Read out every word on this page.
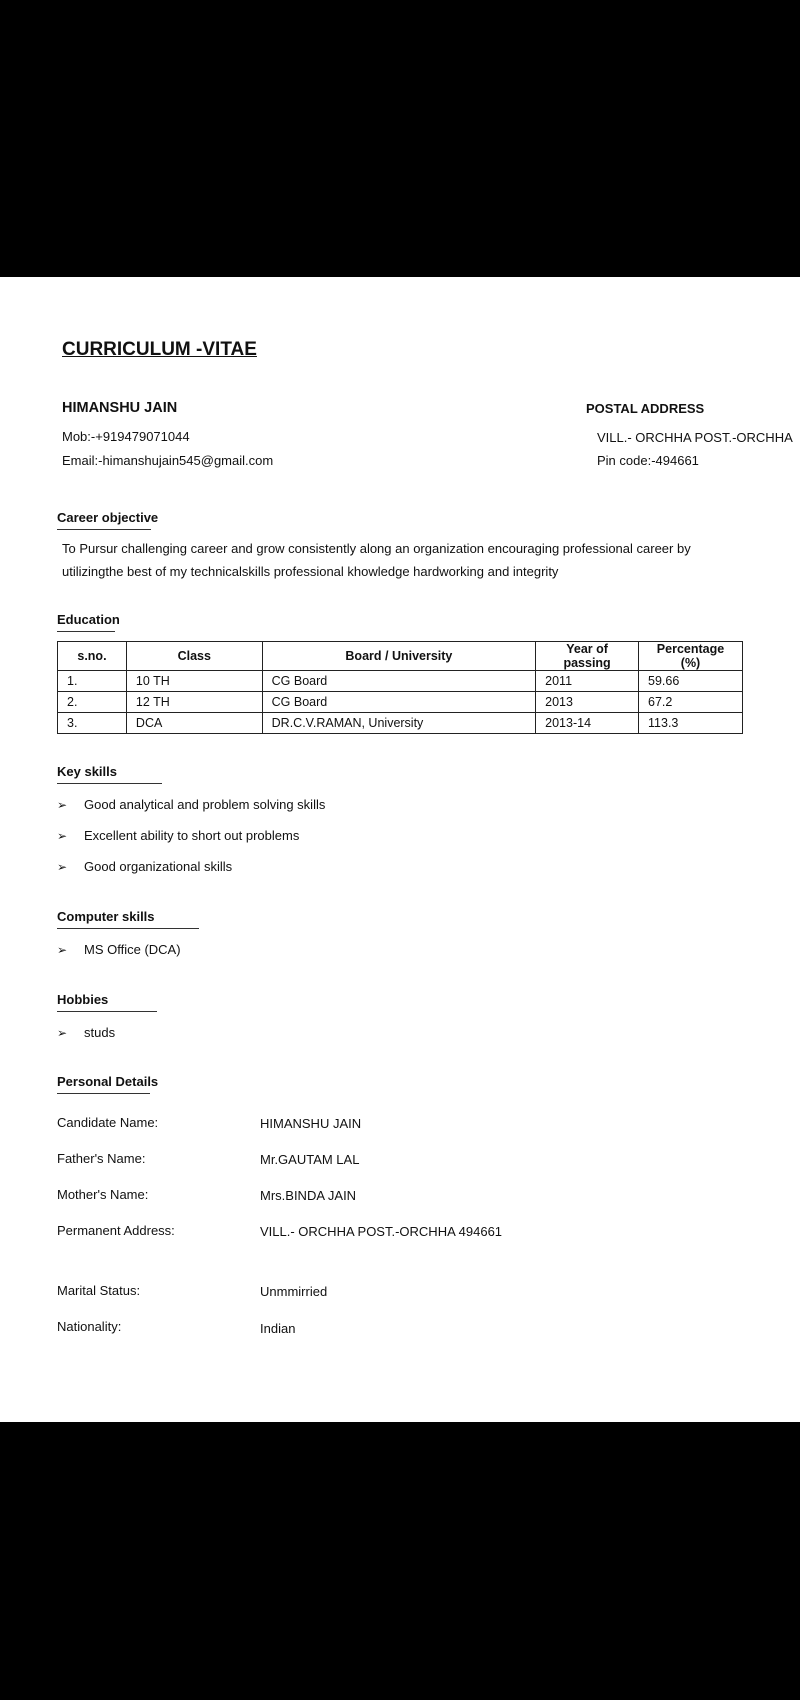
CURRICULUM -VITAE
HIMANSHU JAIN
Mob:-+919479071044
Email:-himanshujain545@gmail.com
POSTAL ADDRESS
VILL.- ORCHHA POST.-ORCHHA
Pin code:-494661
Career objective
To Pursur challenging career and grow consistently along an organization encouraging professional career by utilizingthe best of my technicalskills professional khowledge hardworking and integrity
Education
s.no.	Class	Board / University	Year of passing	Percentage (%)
1.	10 TH	CG Board	2011	59.66
2.	12 TH	CG Board	2013	67.2
3.	DCA	DR.C.V.RAMAN, University	2013-14	113.3
Key skills
➢ Good analytical and problem solving skills
➢ Excellent ability to short out problems
➢ Good organizational skills
Computer skills
➢ MS Office (DCA)
Hobbies
➢ studs
Personal Details
Candidate Name:	HIMANSHU JAIN
Father's Name:	Mr.GAUTAM LAL
Mother's Name:	Mrs.BINDA JAIN
Permanent Address:	VILL.- ORCHHA POST.-ORCHHA 494661
Marital Status:	Unmmirried
Nationality:	Indian
